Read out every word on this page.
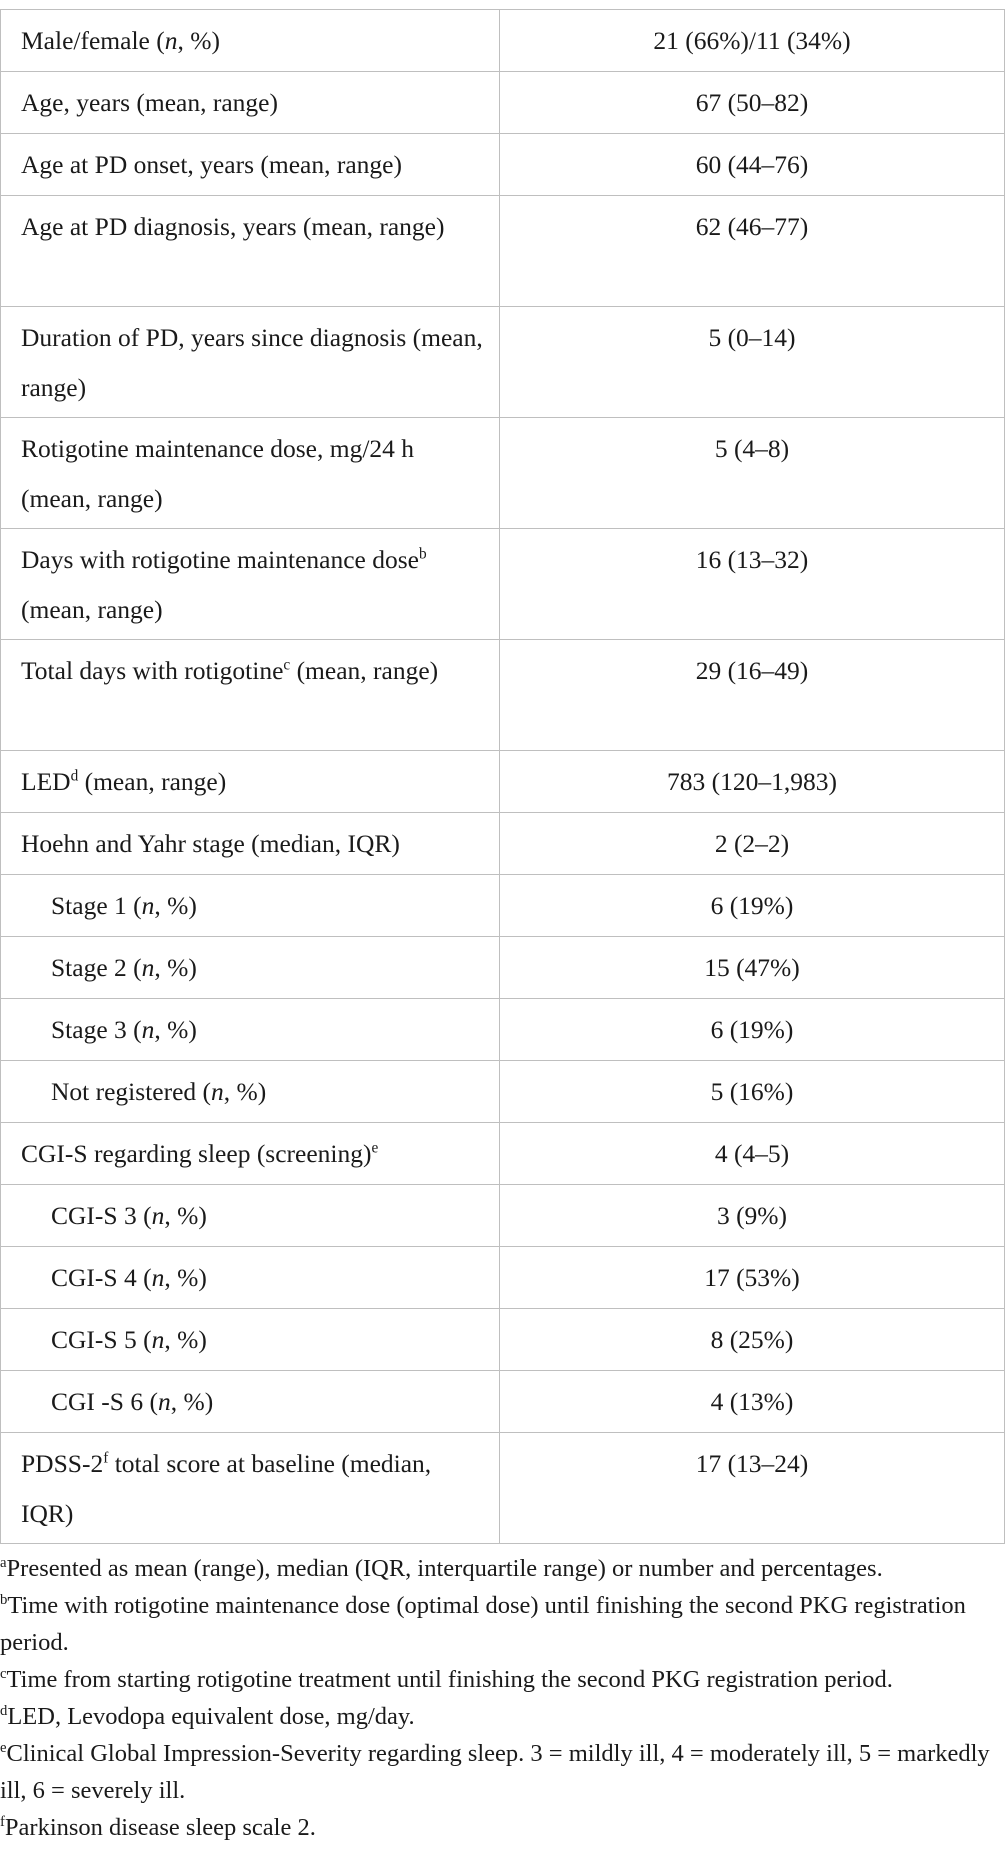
Male/female (n, %)	21 (66%)/11 (34%)
Age, years (mean, range)	67 (50–82)
Age at PD onset, years (mean, range)	60 (44–76)
Age at PD diagnosis, years (mean, range)	62 (46–77)
Duration of PD, years since diagnosis (mean, range)	5 (0–14)
Rotigotine maintenance dose, mg/24 h (mean, range)	5 (4–8)
Days with rotigotine maintenance dose$^b$ (mean, range)	16 (13–32)
Total days with rotigotine$^c$ (mean, range)	29 (16–49)
LED$^d$ (mean, range)	783 (120–1,983)
Hoehn and Yahr stage (median, IQR)	2 (2–2)
Stage 1 (n, %)	6 (19%)
Stage 2 (n, %)	15 (47%)
Stage 3 (n, %)	6 (19%)
Not registered (n, %)	5 (16%)
CGI-S regarding sleep (screening)$^e$	4 (4–5)
CGI-S 3 (n, %)	3 (9%)
CGI-S 4 (n, %)	17 (53%)
CGI-S 5 (n, %)	8 (25%)
CGI -S 6 (n, %)	4 (13%)
PDSS-2$^f$ total score at baseline (median, IQR)	17 (13–24)
$^a$Presented as mean (range), median (IQR, interquartile range) or number and percentages.
$^b$Time with rotigotine maintenance dose (optimal dose) until finishing the second PKG registration period.
$^c$Time from starting rotigotine treatment until finishing the second PKG registration period.
$^d$LED, Levodopa equivalent dose, mg/day.
$^e$Clinical Global Impression-Severity regarding sleep. 3 = mildly ill, 4 = moderately ill, 5 = markedly ill, 6 = severely ill.
$^f$Parkinson disease sleep scale 2.
